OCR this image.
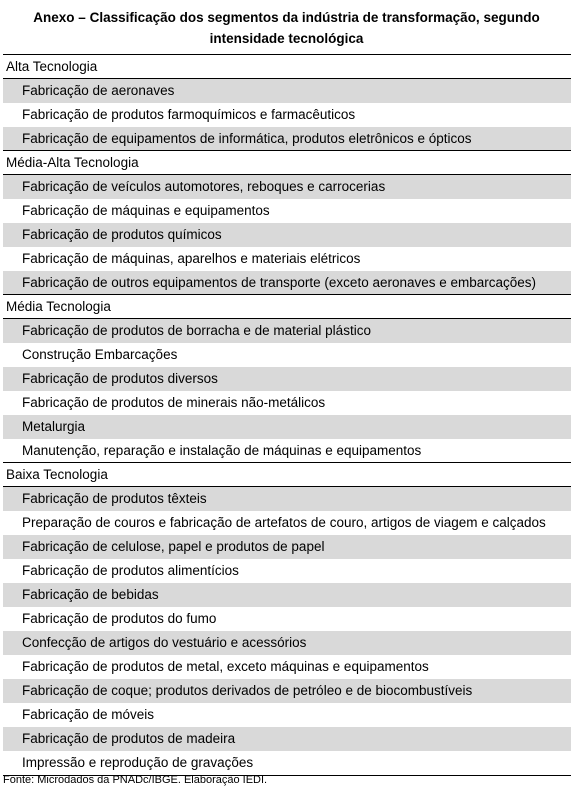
Anexo – Classificação dos segmentos da indústria de transformação, segundo
intensidade tecnológica
Alta Tecnologia
Fabricação de aeronaves
Fabricação de produtos farmoquímicos e farmacêuticos
Fabricação de equipamentos de informática, produtos eletrônicos e ópticos
Média-Alta Tecnologia
Fabricação de veículos automotores, reboques e carrocerias
Fabricação de máquinas e equipamentos
Fabricação de produtos químicos
Fabricação de máquinas, aparelhos e materiais elétricos
Fabricação de outros equipamentos de transporte (exceto aeronaves e embarcações)
Média Tecnologia
Fabricação de produtos de borracha e de material plástico
Construção Embarcações
Fabricação de produtos diversos
Fabricação de produtos de minerais não-metálicos
Metalurgia
Manutenção, reparação e instalação de máquinas e equipamentos
Baixa Tecnologia
Fabricação de produtos têxteis
Preparação de couros e fabricação de artefatos de couro, artigos de viagem e calçados
Fabricação de celulose, papel e produtos de papel
Fabricação de produtos alimentícios
Fabricação de bebidas
Fabricação de produtos do fumo
Confecção de artigos do vestuário e acessórios
Fabricação de produtos de metal, exceto máquinas e equipamentos
Fabricação de coque; produtos derivados de petróleo e de biocombustíveis
Fabricação de móveis
Fabricação de produtos de madeira
Impressão e reprodução de gravações
Fonte: Microdados da PNADc/IBGE. Elaboração IEDI.
